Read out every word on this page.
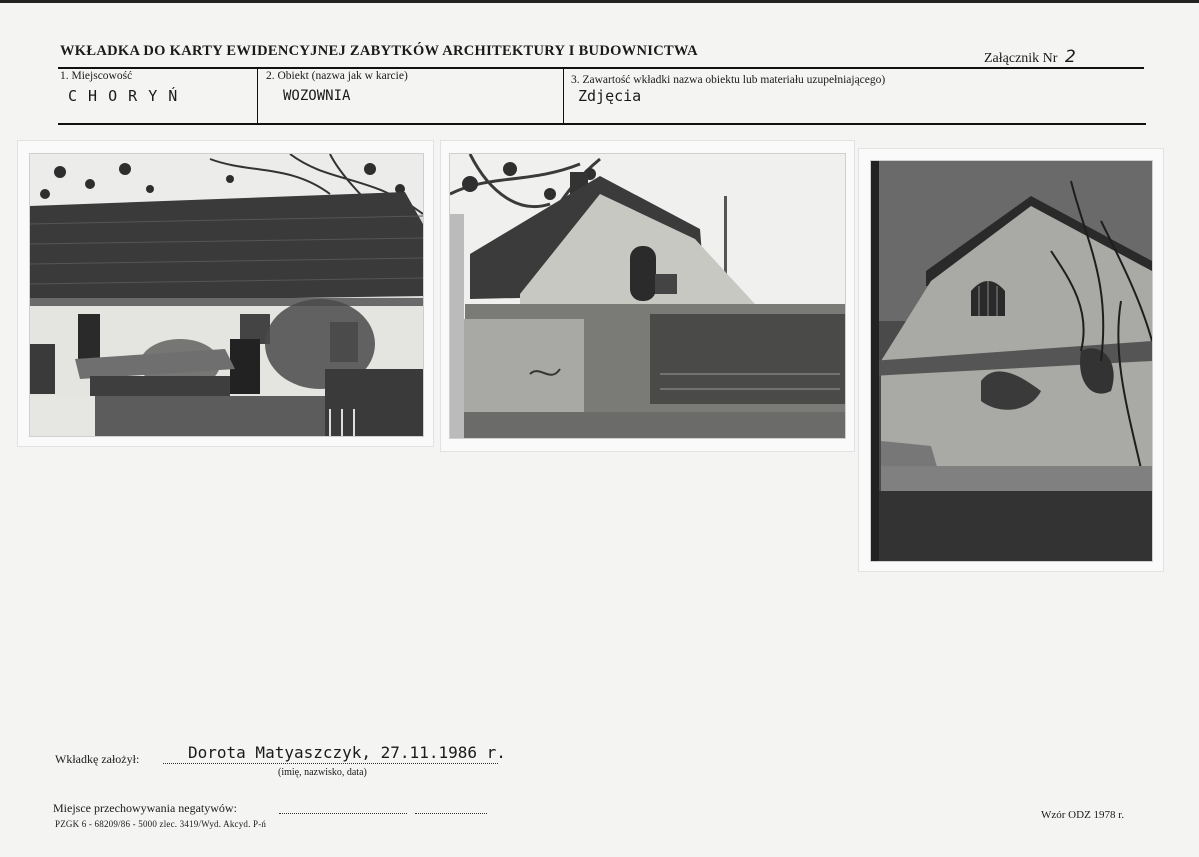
WKŁADKA DO KARTY EWIDENCYJNEJ ZABYTKÓW ARCHITEKTURY I BUDOWNICTWA	Załącznik Nr 2
1. Miejscowość
C H O R Y Ń
2. Obiekt (nazwa jak w karcie)
WOZOWNIA
3. Zawartość wkładki nazwa obiektu lub materiału uzupełniającego)
Zdjęcia
Wkładkę założył:	Dorota Matyaszczyk, 27.11.1986 r.
(imię, nazwisko, data)
Miejsce przechowywania negatywów:
PZGK 6 - 68209/86 - 5000 zlec. 3419/Wyd. Akcyd. P-ń
Wzór ODZ 1978 r.
